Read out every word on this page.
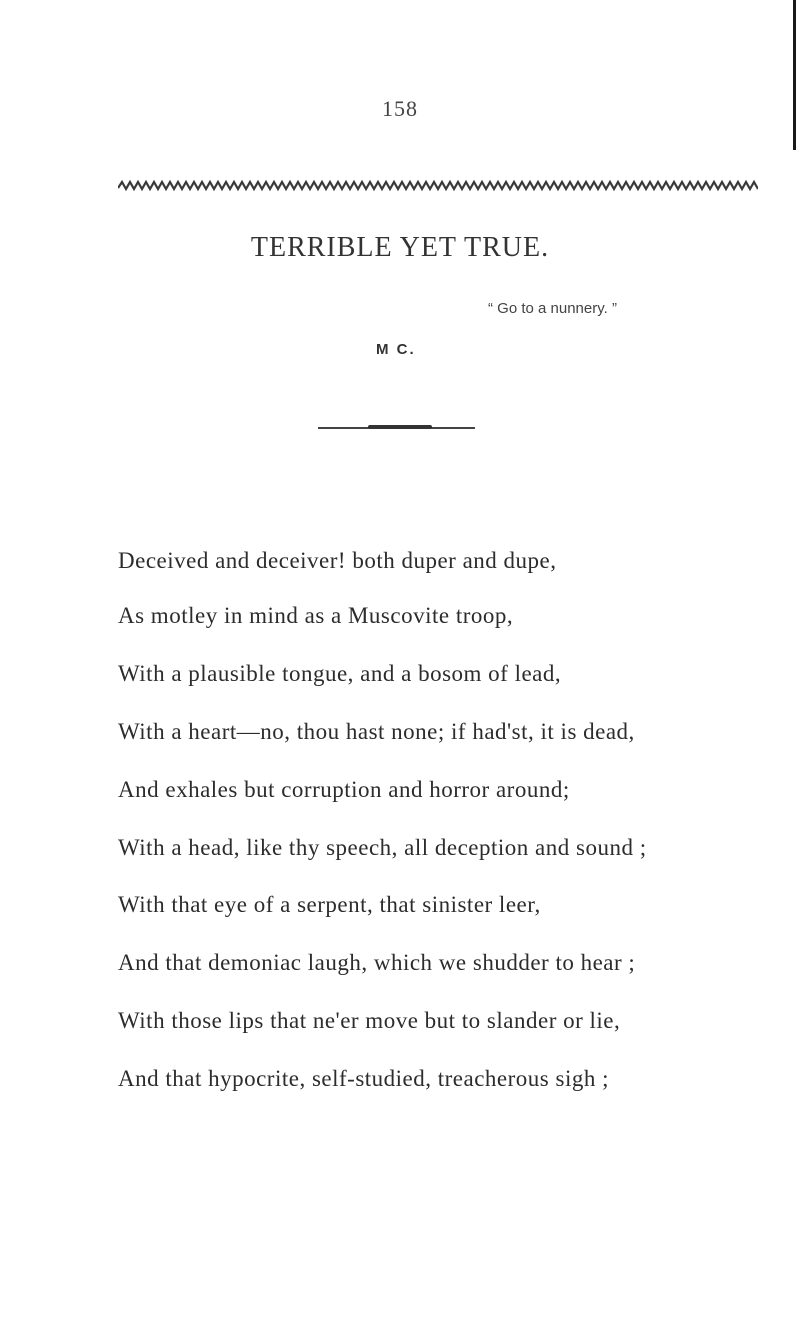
158
TERRIBLE YET TRUE.
“ Go to a nunnery. ”
M C.
Deceived and deceiver! both duper and dupe,
As motley in mind as a Muscovite troop,
With a plausible tongue, and a bosom of lead,
With a heart—no, thou hast none; if had'st, it is dead,
And exhales but corruption and horror around;
With a head, like thy speech, all deception and sound ;
With that eye of a serpent, that sinister leer,
And that demoniac laugh, which we shudder to hear ;
With those lips that ne'er move but to slander or lie,
And that hypocrite, self-studied, treacherous sigh ;
